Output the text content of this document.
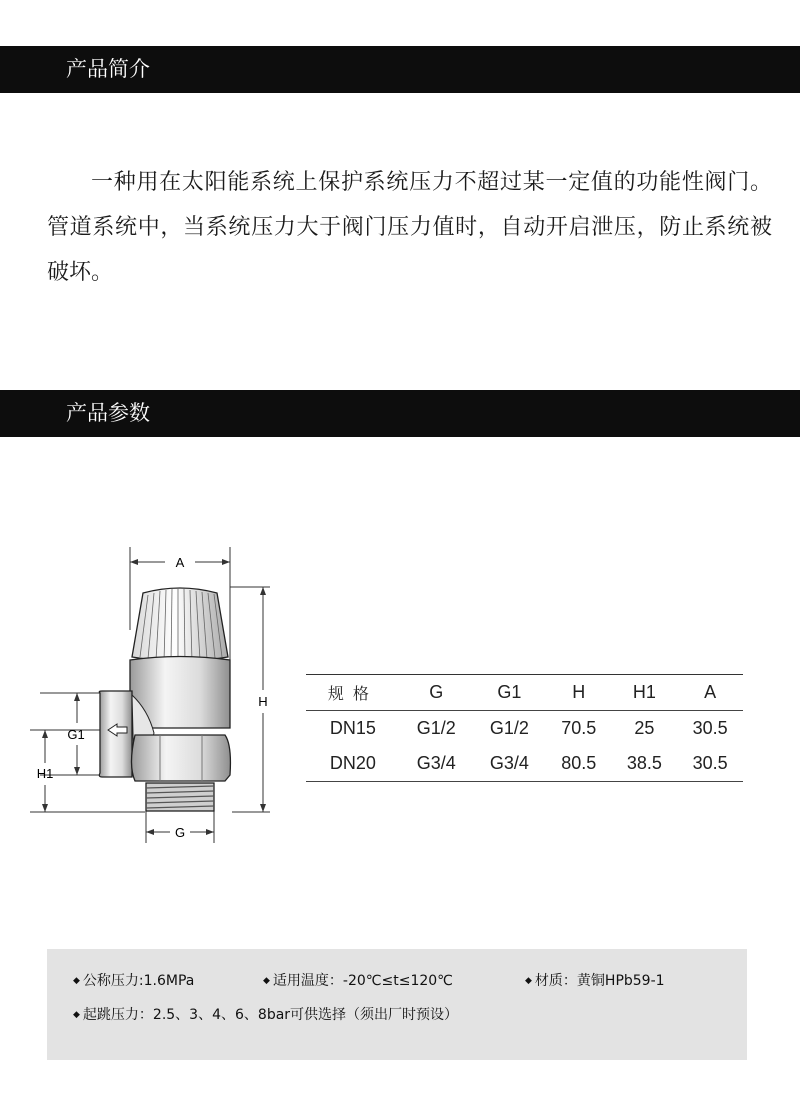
产品简介

一种用在太阳能系统上保护系统压力不超过某一定值的功能性阀门。管道系统中，当系统压力大于阀门压力值时，自动开启泄压，防止系统被破坏。

产品参数
A
H
G1
H1
G
规格	G	G1	H	H1	A
DN15	G1/2	G1/2	70.5	25	30.5
DN20	G3/4	G3/4	80.5	38.5	30.5
◆ 公称压力:1.6MPa	◆ 适用温度：-20℃≤t≤120℃	◆ 材质：黄铜HPb59-1
◆ 起跳压力：2.5、3、4、6、8bar可供选择（须出厂时预设）
